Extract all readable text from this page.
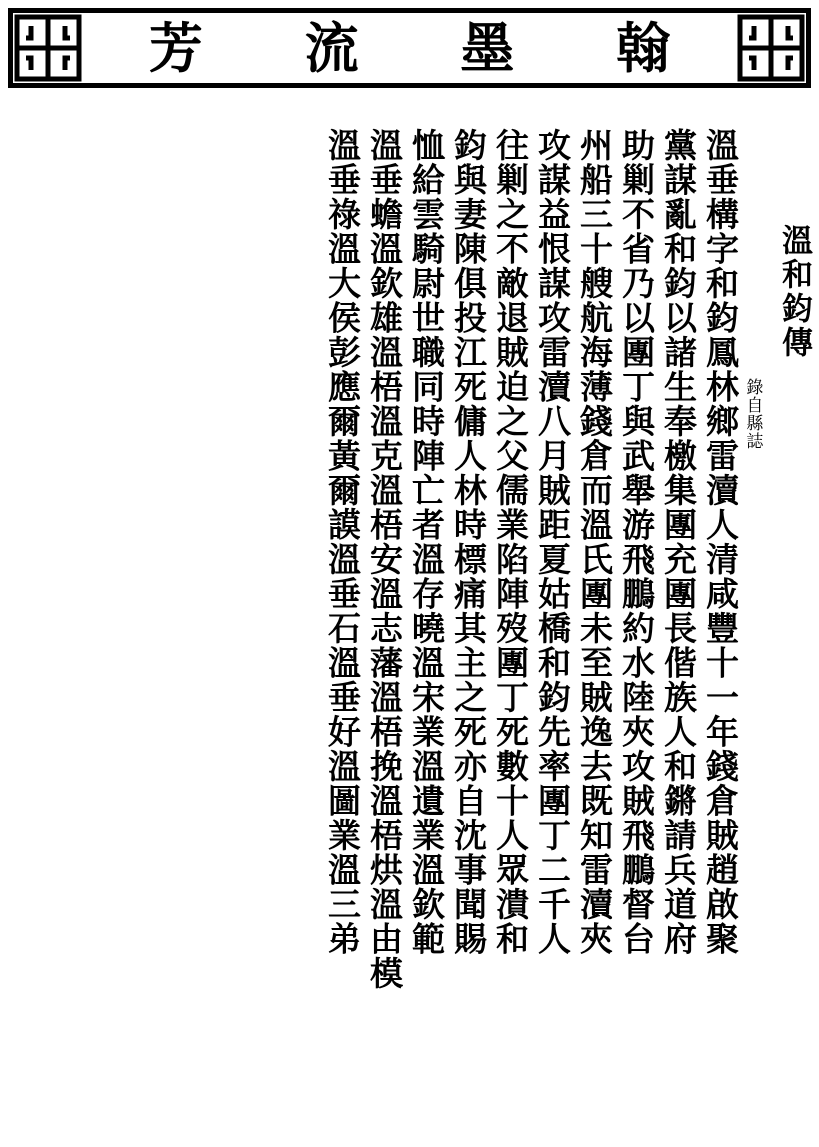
芳 流 墨 翰
溫和鈞傳
錄自縣誌
溫垂構字和鈞鳳林鄉雷瀆人清咸豐十一年錢倉賊趙啟聚
黨謀亂和鈞以諸生奉檄集團充團長偕族人和鏘請兵道府
助剿不省乃以團丁與武舉游飛鵬約水陸夾攻賊飛鵬督台
州船三十艘航海薄錢倉而溫氏團未至賊逸去既知雷瀆夾
攻謀益恨謀攻雷瀆八月賊距夏姑橋和鈞先率團丁二千人
往剿之不敵退賊迫之父儒業陷陣歿團丁死數十人眾潰和
鈞與妻陳俱投江死傭人林時標痛其主之死亦自沈事聞賜
恤給雲騎尉世職同時陣亡者溫存曉溫宋業溫遺業溫欽範
溫垂蟾溫欽雄溫梧溫克溫梧安溫志藩溫梧挽溫梧烘溫由模
溫垂祿溫大侯彭應爾黃爾謨溫垂石溫垂好溫圖業溫三弟
